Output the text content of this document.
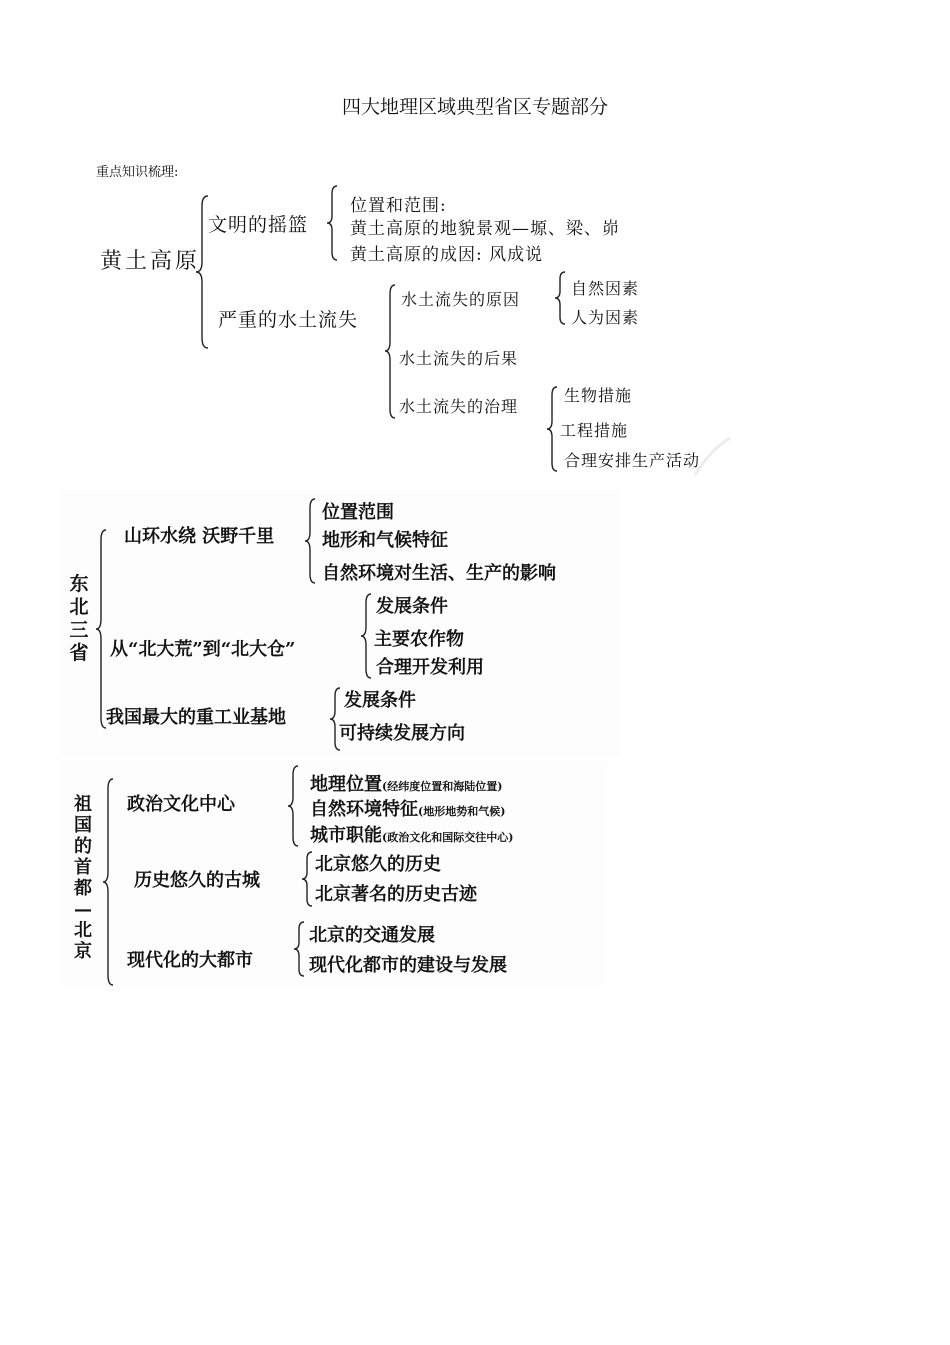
四大地理区域典型省区专题部分
重点知识梳理:
黄土高原
文明的摇篮
位置和范围:
黄土高原的地貌景观—塬、梁、峁
黄土高原的成因: 风成说
严重的水土流失
水土流失的原因
自然因素
人为因素
水土流失的后果
水土流失的治理
生物措施
工程措施
合理安排生产活动
东北三省
山环水绕 沃野千里
位置范围
地形和气候特征
自然环境对生活、生产的影响
从“北大荒”到“北大仓”
发展条件
主要农作物
合理开发利用
我国最大的重工业基地
发展条件
可持续发展方向
祖国的首都—北京
政治文化中心
地理位置(经纬度位置和海陆位置)
自然环境特征(地形地势和气候)
城市职能(政治文化和国际交往中心)
历史悠久的古城
北京悠久的历史
北京著名的历史古迹
现代化的大都市
北京的交通发展
现代化都市的建设与发展
